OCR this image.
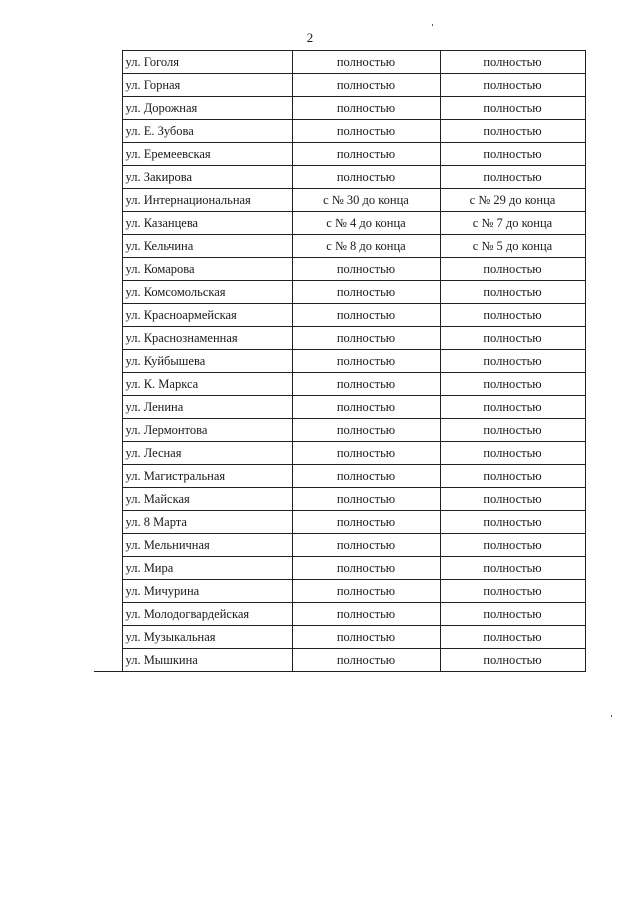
2
	ул. Гоголя	полностью	полностью
	ул. Горная	полностью	полностью
	ул. Дорожная	полностью	полностью
	ул. Е. Зубова	полностью	полностью
	ул. Еремеевская	полностью	полностью
	ул. Закирова	полностью	полностью
	ул. Интернациональная	с № 30 до конца	с № 29 до конца
	ул. Казанцева	с № 4 до конца	с № 7 до конца
	ул. Кельчина	с № 8 до конца	с № 5 до конца
	ул. Комарова	полностью	полностью
	ул. Комсомольская	полностью	полностью
	ул. Красноармейская	полностью	полностью
	ул. Краснознаменная	полностью	полностью
	ул. Куйбышева	полностью	полностью
	ул. К. Маркса	полностью	полностью
	ул. Ленина	полностью	полностью
	ул. Лермонтова	полностью	полностью
	ул. Лесная	полностью	полностью
	ул. Магистральная	полностью	полностью
	ул. Майская	полностью	полностью
	ул. 8 Марта	полностью	полностью
	ул. Мельничная	полностью	полностью
	ул. Мира	полностью	полностью
	ул. Мичурина	полностью	полностью
	ул. Молодогвардейская	полностью	полностью
	ул. Музыкальная	полностью	полностью
	ул. Мышкина	полностью	полностью
